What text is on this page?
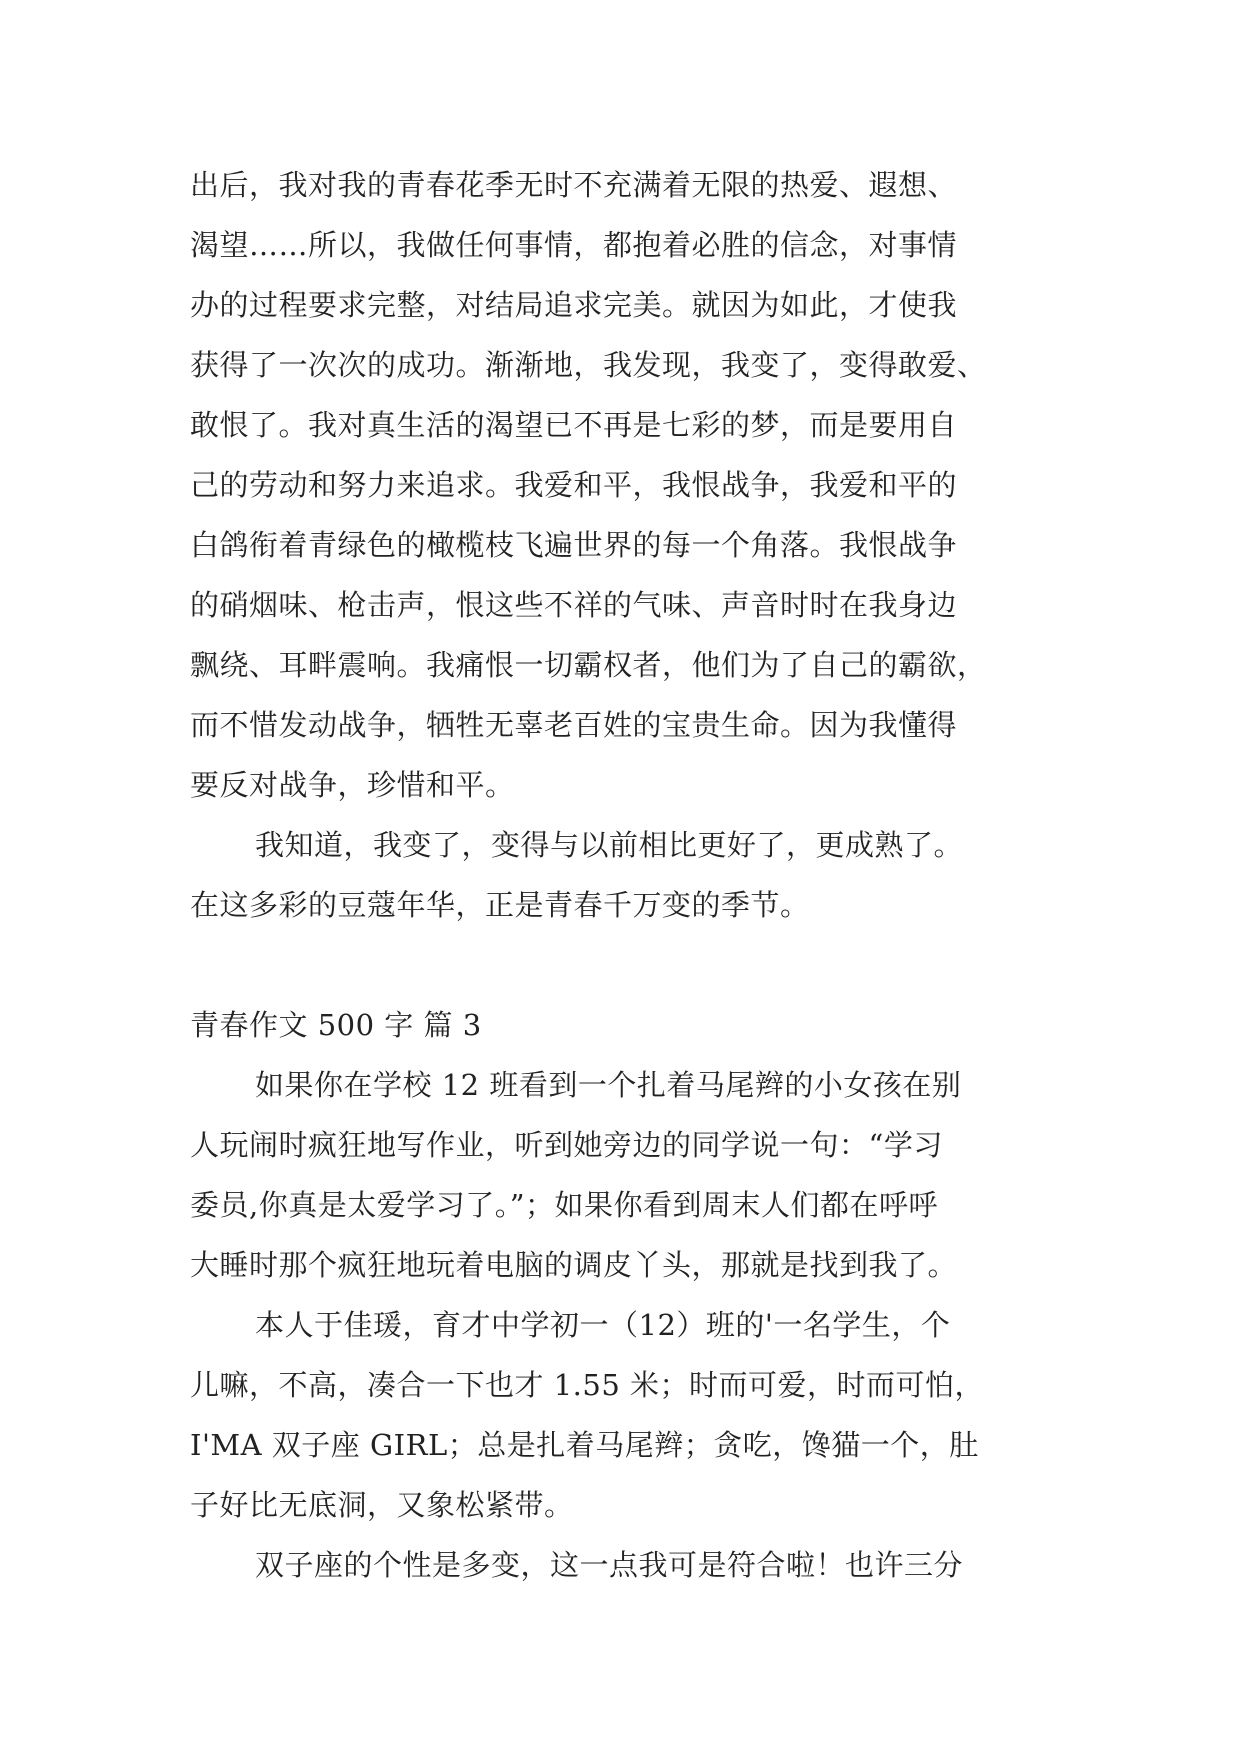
出后，我对我的青春花季无时不充满着无限的热爱、遐想、
渴望……所以，我做任何事情，都抱着必胜的信念，对事情
办的过程要求完整，对结局追求完美。就因为如此，才使我
获得了一次次的成功。渐渐地，我发现，我变了，变得敢爱、
敢恨了。我对真生活的渴望已不再是七彩的梦，而是要用自
己的劳动和努力来追求。我爱和平，我恨战争，我爱和平的
白鸽衔着青绿色的橄榄枝飞遍世界的每一个角落。我恨战争
的硝烟味、枪击声，恨这些不祥的气味、声音时时在我身边
飘绕、耳畔震响。我痛恨一切霸权者，他们为了自己的霸欲，
而不惜发动战争，牺牲无辜老百姓的宝贵生命。因为我懂得
要反对战争，珍惜和平。
我知道，我变了，变得与以前相比更好了，更成熟了。
在这多彩的豆蔻年华，正是青春千万变的季节。
青春作文 500 字 篇 3
如果你在学校 12 班看到一个扎着马尾辫的小女孩在别
人玩闹时疯狂地写作业，听到她旁边的同学说一句：“学习
委员,你真是太爱学习了。”；如果你看到周末人们都在呼呼
大睡时那个疯狂地玩着电脑的调皮丫头，那就是找到我了。
本人于佳瑗，育才中学初一（12）班的'一名学生，个
儿嘛，不高，凑合一下也才 1.55 米；时而可爱，时而可怕，
I'MA 双子座 GIRL；总是扎着马尾辫；贪吃，馋猫一个，肚
子好比无底洞，又象松紧带。
双子座的个性是多变，这一点我可是符合啦！也许三分
